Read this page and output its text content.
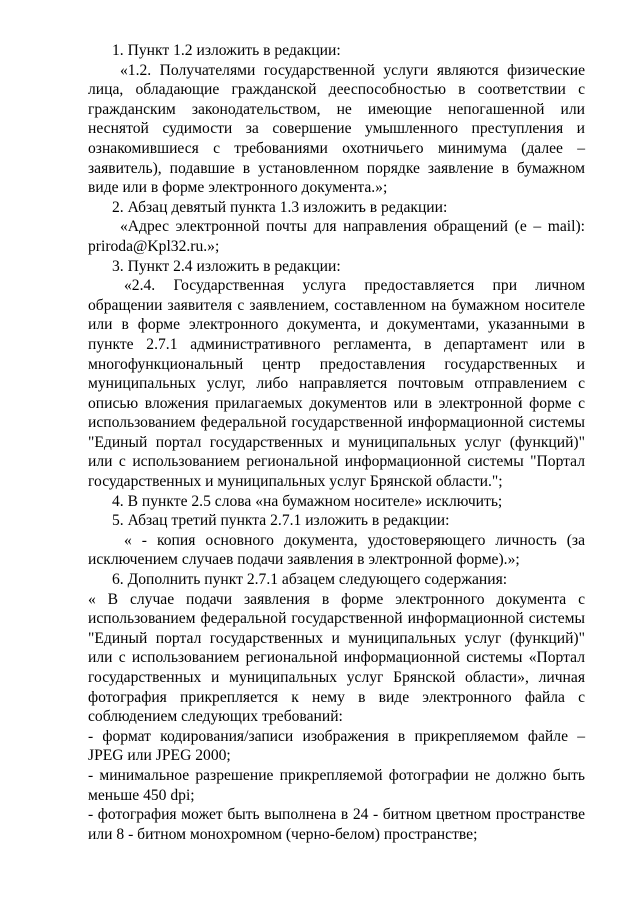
1. Пункт 1.2 изложить в редакции:

«1.2. Получателями государственной услуги являются физические лица, обладающие гражданской дееспособностью в соответствии с гражданским законодательством, не имеющие непогашенной или неснятой судимости за совершение умышленного преступления и ознакомившиеся с требованиями охотничьего минимума (далее – заявитель), подавшие в установленном порядке заявление в бумажном виде или в форме электронного документа.»;

2. Абзац девятый пункта 1.3 изложить в редакции:

«Адрес электронной почты для направления обращений (e – mail): priroda@Kpl32.ru.»;

3. Пункт 2.4 изложить в редакции:

«2.4. Государственная услуга предоставляется при личном обращении заявителя с заявлением, составленном на бумажном носителе или в форме электронного документа, и документами, указанными в пункте 2.7.1 административного регламента, в департамент или в многофункциональный центр предоставления государственных и муниципальных услуг, либо направляется почтовым отправлением с описью вложения прилагаемых документов или в электронной форме с использованием федеральной государственной информационной системы "Единый портал государственных и муниципальных услуг (функций)" или с использованием региональной информационной системы "Портал государственных и муниципальных услуг Брянской области.";

4. В пункте 2.5 слова «на бумажном носителе» исключить;

5. Абзац третий пункта 2.7.1 изложить в редакции:

« - копия основного документа, удостоверяющего личность (за исключением случаев подачи заявления в электронной форме).»;

6. Дополнить пункт 2.7.1 абзацем следующего содержания:

« В случае подачи заявления в форме электронного документа с использованием федеральной государственной информационной системы "Единый портал государственных и муниципальных услуг (функций)" или с использованием региональной информационной системы «Портал государственных и муниципальных услуг Брянской области», личная фотография прикрепляется к нему в виде электронного файла с соблюдением следующих требований:

- формат кодирования/записи изображения в прикрепляемом файле – JPEG или JPEG 2000;

- минимальное разрешение прикрепляемой фотографии не должно быть меньше 450 dpi;

- фотография может быть выполнена в 24 - битном цветном пространстве или 8 - битном монохромном (черно-белом) пространстве;
